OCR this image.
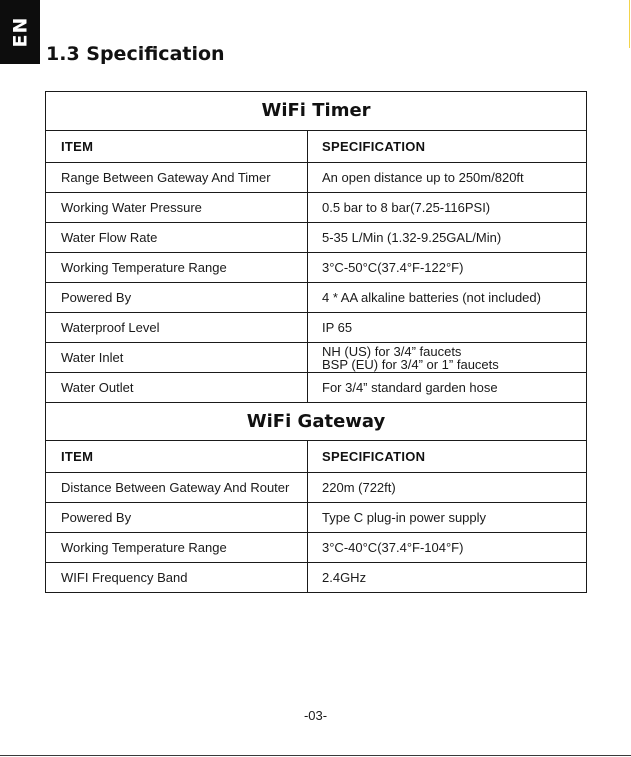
EN
1.3 Specification
WiFi Timer	
ITEM	SPECIFICATION
Range Between Gateway And Timer	An open distance up to 250m/820ft
Working Water Pressure	0.5 bar to 8 bar(7.25-116PSI)
Water Flow Rate	5-35 L/Min (1.32-9.25GAL/Min)
Working Temperature Range	3°C-50°C(37.4°F-122°F)
Powered By	4 * AA alkaline batteries (not included)
Waterproof Level	IP 65
Water Inlet	NH (US) for 3/4” faucets
BSP (EU) for 3/4” or 1” faucets

Water Outlet	For 3/4” standard garden hose
WiFi Gateway	
ITEM	SPECIFICATION
Distance Between Gateway And Router	220m (722ft)
Powered By	Type C plug-in power supply
Working Temperature Range	3°C-40°C(37.4°F-104°F)
WIFI Frequency Band	2.4GHz
-03-
